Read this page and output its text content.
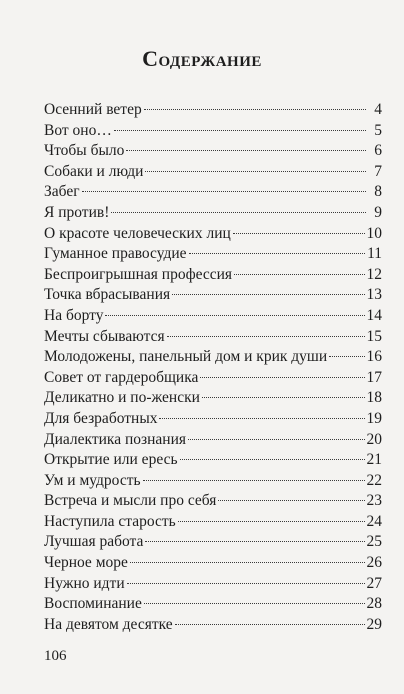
Содержание
Осенний ветер	4
Вот оно…	5
Чтобы было	6
Собаки и люди	7
Забег	8
Я против!	9
О красоте человеческих лиц	10
Гуманное правосудие	11
Беспроигрышная профессия	12
Точка вбрасывания	13
На борту	14
Мечты сбываются	15
Молодожены, панельный дом и крик души	16
Совет от гардеробщика	17
Деликатно и по-женски	18
Для безработных	19
Диалектика познания	20
Открытие или ересь	21
Ум и мудрость	22
Встреча и мысли про себя	23
Наступила старость	24
Лучшая работа	25
Черное море	26
Нужно идти	27
Воспоминание	28
На девятом десятке	29
106
